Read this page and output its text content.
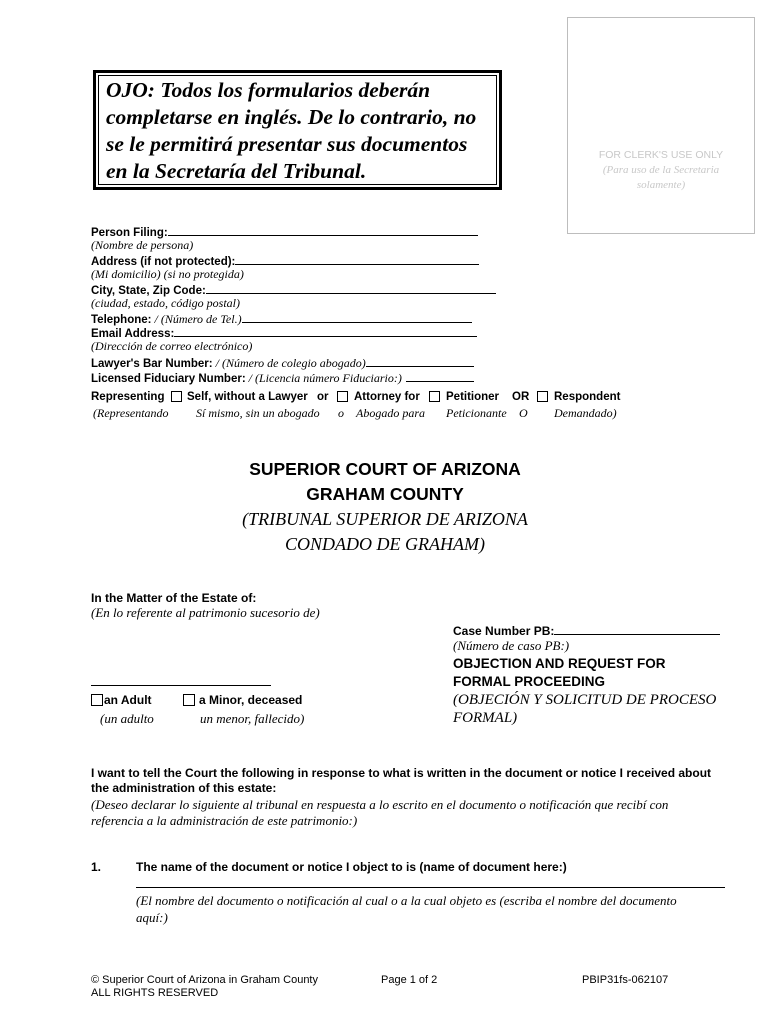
OJO: Todos los formularios deberán
completarse en inglés. De lo contrario, no
se le permitirá presentar sus documentos
en la Secretaría del Tribunal.
FOR CLERK'S USE ONLY
(Para uso de la Secretaria solamente)
Person Filing:
(Nombre de persona)
Address (if not protected):
(Mi domicilio) (si no protegida)
City, State, Zip Code:
(ciudad, estado, código postal)
Telephone: / (Número de Tel.)
Email Address:
(Dirección de correo electrónico)
Lawyer's Bar Number: / (Número de colegio abogado)
Licensed Fiduciary Number: / (Licencia número Fiduciario:)
Representing Self, without a Lawyer or Attorney for Petitioner OR Respondent
(Representando Sí mismo, sin un abogado o Abogado para Peticionante O Demandado)
SUPERIOR COURT OF ARIZONA
GRAHAM COUNTY
(TRIBUNAL SUPERIOR DE ARIZONA
CONDADO DE GRAHAM)
In the Matter of the Estate of:
(En lo referente al patrimonio sucesorio de)
an Adult	a Minor, deceased
(un adulto	un menor, fallecido)
Case Number PB:
(Número de caso PB:)
OBJECTION AND REQUEST FOR
FORMAL PROCEEDING
(OBJECIÓN Y SOLICITUD DE PROCESO
FORMAL)
I want to tell the Court the following in response to what is written in the document or notice I received about
the administration of this estate:
(Deseo declarar lo siguiente al tribunal en respuesta a lo escrito en el documento o notificación que recibí con
referencia a la administración de este patrimonio:)
1.	The name of the document or notice I object to is (name of document here:)
(El nombre del documento o notificación al cual o a la cual objeto es (escriba el nombre del documento
aquí:)
© Superior Court of Arizona in Graham County
ALL RIGHTS RESERVED
Page 1 of 2	PBIP31fs-062107
